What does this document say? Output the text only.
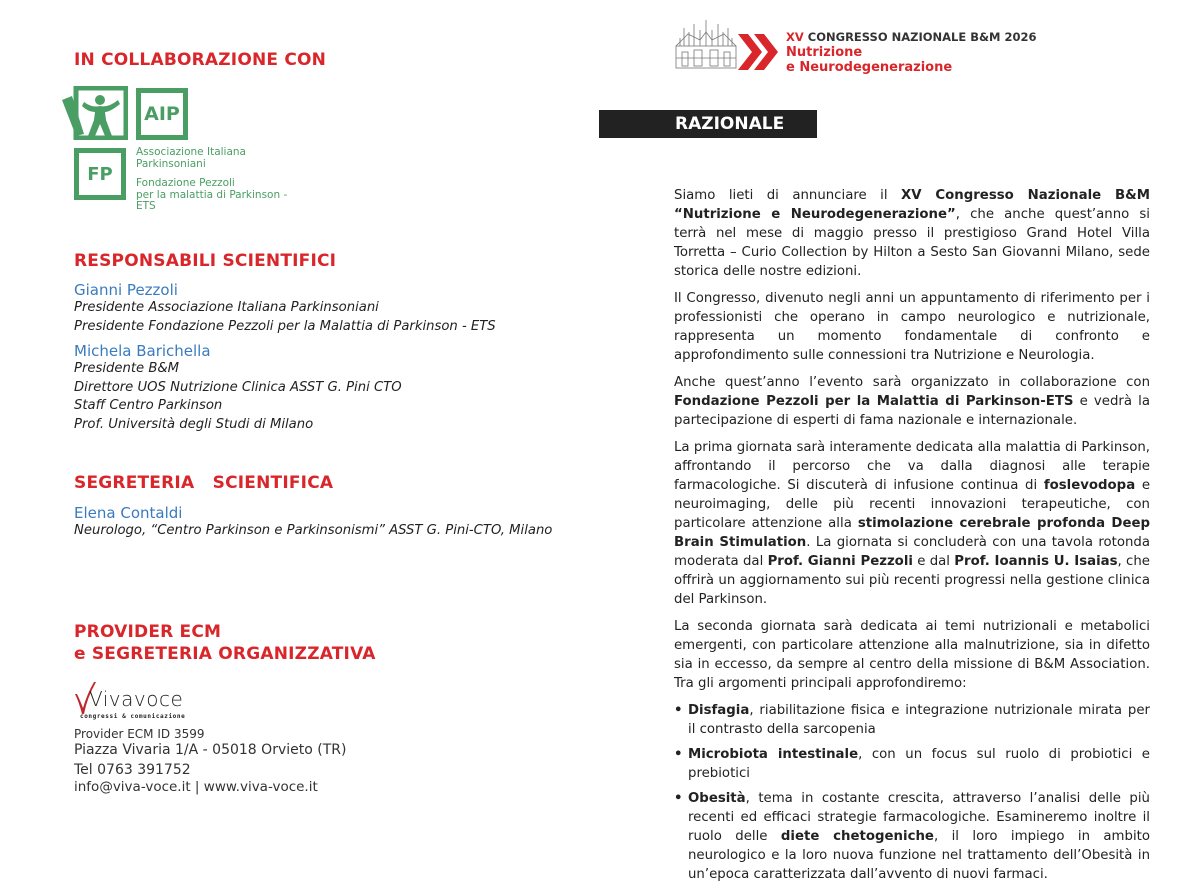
IN COLLABORAZIONE CON
AIP
FP
Associazione Italiana
Parkinsoniani
Fondazione Pezzoli
per la malattia di Parkinson - ETS
RESPONSABILI SCIENTIFICI
Gianni Pezzoli
Presidente Associazione Italiana Parkinsoniani
Presidente Fondazione Pezzoli per la Malattia di Parkinson - ETS
Michela Barichella
Presidente B&M
Direttore UOS Nutrizione Clinica ASST G. Pini CTO
Staff Centro Parkinson
Prof. Università degli Studi di Milano
SEGRETERIA   SCIENTIFICA
Elena Contaldi
Neurologo, “Centro Parkinson e Parkinsonismi” ASST G. Pini-CTO, Milano
PROVIDER ECM
e SEGRETERIA ORGANIZZATIVA
Vivavoce
congressi & comunicazione
Provider ECM ID 3599
Piazza Vivaria 1/A - 05018 Orvieto (TR)
Tel 0763 391752
info@viva-voce.it | www.viva-voce.it
XV CONGRESSO NAZIONALE B&M 2026
Nutrizione
e Neurodegenerazione
RAZIONALE

Siamo lieti di annunciare il XV Congresso Nazionale B&M “Nutrizione e Neurodegenerazione”, che anche quest’anno si terrà nel mese di maggio presso il prestigioso Grand Hotel Villa Torretta – Curio Collection by Hilton a Sesto San Giovanni Milano, sede storica delle nostre edizioni.

Il Congresso, divenuto negli anni un appuntamento di riferimento per i professionisti che operano in campo neurologico e nutrizionale, rappresenta un momento fondamentale di confronto e approfondimento sulle connessioni tra Nutrizione e Neurologia.

Anche quest’anno l’evento sarà organizzato in collaborazione con Fondazione Pezzoli per la Malattia di Parkinson-ETS e vedrà la partecipazione di esperti di fama nazionale e internazionale.

La prima giornata sarà interamente dedicata alla malattia di Parkinson, affrontando il percorso che va dalla diagnosi alle terapie farmacologiche. Si discuterà di infusione continua di foslevodopa e neuroimaging, delle più recenti innovazioni terapeutiche, con particolare attenzione alla stimolazione cerebrale profonda Deep Brain Stimulation. La giornata si concluderà con una tavola rotonda moderata dal Prof. Gianni Pezzoli e dal Prof. Ioannis U. Isaias, che offrirà un aggiornamento sui più recenti progressi nella gestione clinica del Parkinson.

La seconda giornata sarà dedicata ai temi nutrizionali e metabolici emergenti, con particolare attenzione alla malnutrizione, sia in difetto sia in eccesso, da sempre al centro della missione di B&M Association. Tra gli argomenti principali approfondiremo:

• Disfagia, riabilitazione fisica e integrazione nutrizionale mirata per il contrasto della sarcopenia
• Microbiota intestinale, con un focus sul ruolo di probiotici e prebiotici
• Obesità, tema in costante crescita, attraverso l’analisi delle più recenti ed efficaci strategie farmacologiche. Esamineremo inoltre il ruolo delle diete chetogeniche, il loro impiego in ambito neurologico e la loro nuova funzione nel trattamento dell’Obesità in un’epoca caratterizzata dall’avvento di nuovi farmaci.
